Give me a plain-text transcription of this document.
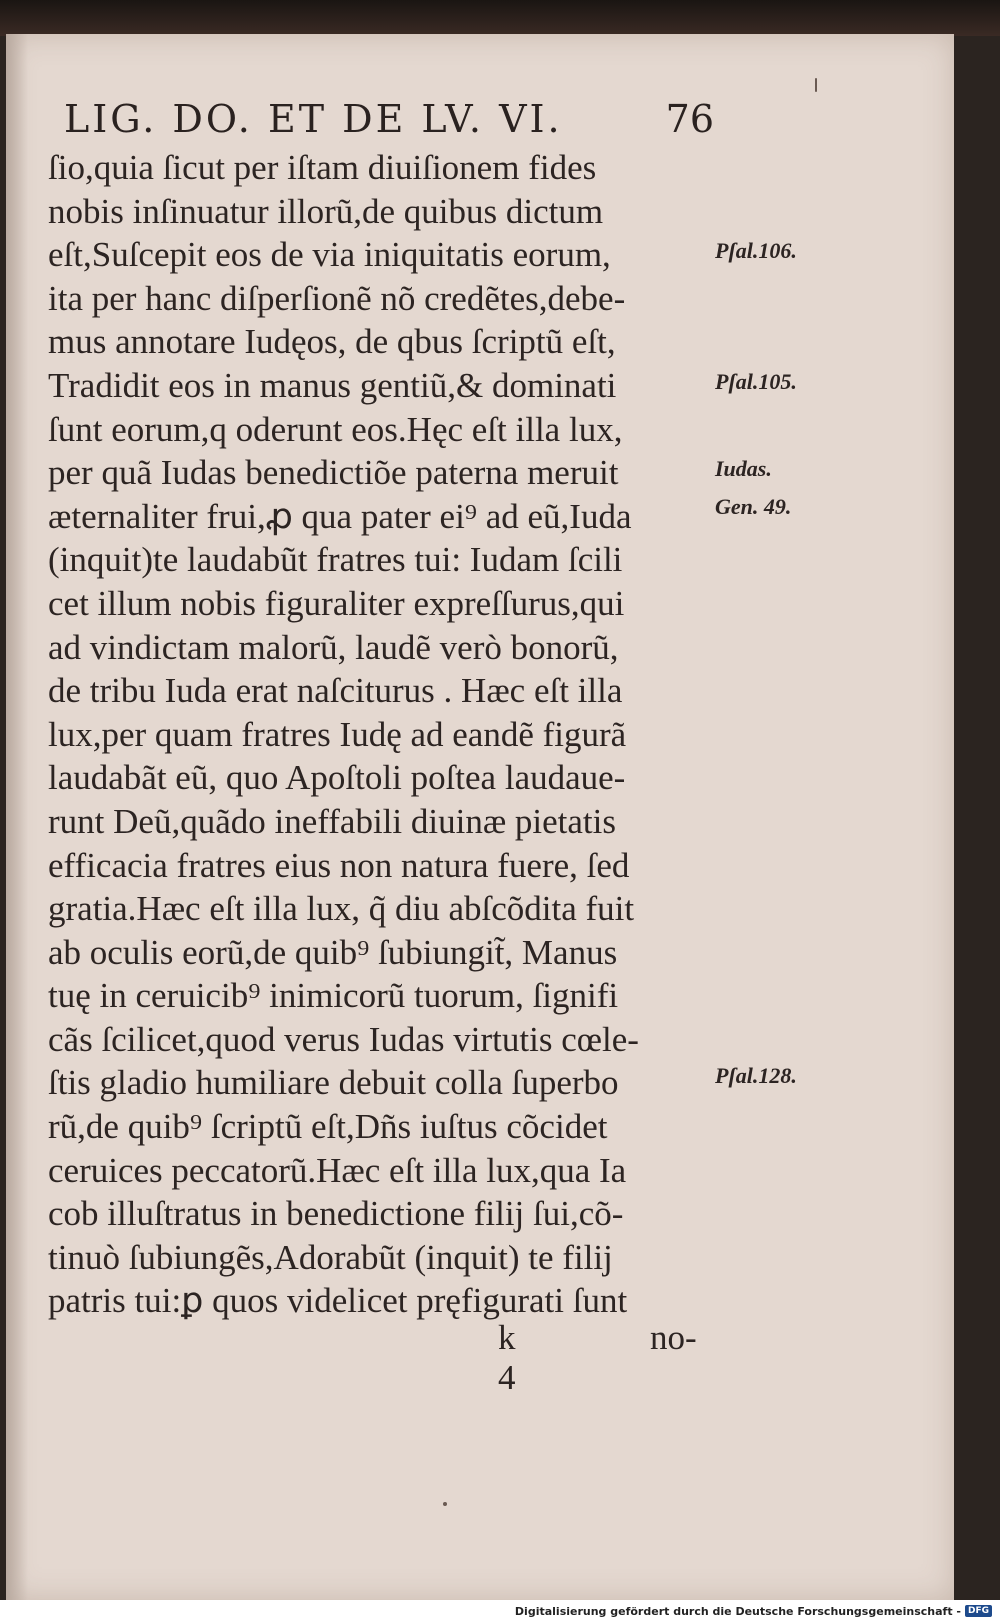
LIG. DO. ET DE LV. VI.	76
ſio,quia ſicut per iſtam diuiſionem fides
nobis inſinuatur illorũ,de quibus dictum
eſt,Suſcepit eos de via iniquitatis eorum,
ita per hanc diſperſionẽ nõ credẽtes,debe-
mus annotare Iudęos, de qbus ſcriptũ eſt,
Tradidit eos in manus gentiũ,& dominati
ſunt eorum,q oderunt eos.Hęc eſt illa lux,
per quã Iudas benedictiõe paterna meruit
æternaliter frui,ꝓ qua pater ei⁹ ad eũ,Iuda
(inquit)te laudabũt fratres tui: Iudam ſcili
cet illum nobis figuraliter expreſſurus,qui
ad vindictam malorũ, laudẽ verò bonorũ,
de tribu Iuda erat naſciturus . Hæc eſt illa
lux,per quam fratres Iudę ad eandẽ figurã
laudabãt eũ, quo Apoſtoli poſtea laudaue-
runt Deũ,quãdo ineffabili diuinæ pietatis
efficacia fratres eius non natura fuere, ſed
gratia.Hæc eſt illa lux, q̃ diu abſcõdita fuit
ab oculis eorũ,de quib⁹ ſubiungit̃, Manus
tuę in ceruicib⁹ inimicorũ tuorum, ſignifi
cãs ſcilicet,quod verus Iudas virtutis cœle-
ſtis gladio humiliare debuit colla ſuperbo
rũ,de quib⁹ ſcriptũ eſt,Dñs iuſtus cõcidet
ceruices peccatorũ.Hæc eſt illa lux,qua Ia
cob illuſtratus in benedictione filij ſui,cõ-
tinuò ſubiungẽs,Adorabũt (inquit) te filij
patris tui:ꝑ quos videlicet pręfigurati ſunt
Pſal.106.
Pſal.105.
Iudas.
Gen. 49.
Pſal.128.
k 4
no-
Digitalisierung gefördert durch die Deutsche Forschungsgemeinschaft - DFG
